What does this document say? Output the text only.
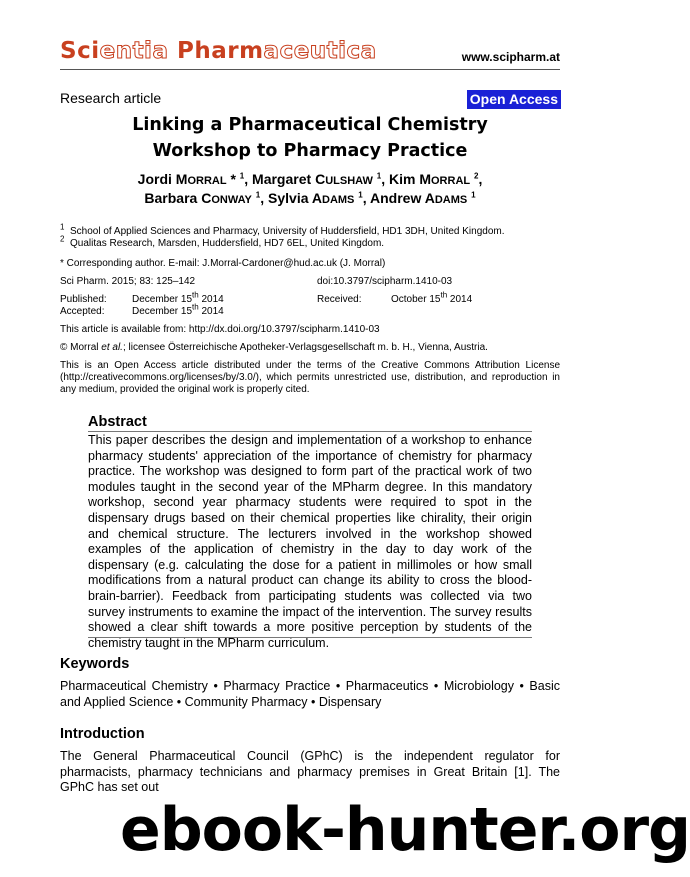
Scientia Pharmaceutica	www.scipharm.at
Research article	Open Access
Linking a Pharmaceutical Chemistry
Workshop to Pharmacy Practice
Jordi MORRAL * $^1$, Margaret CULSHAW $^1$, Kim MORRAL $^2$,
Barbara CONWAY $^1$, Sylvia ADAMS $^1$, Andrew ADAMS $^1$
$^1$ School of Applied Sciences and Pharmacy, University of Huddersfield, HD1 3DH, United Kingdom.
$^2$ Qualitas Research, Marsden, Huddersfield, HD7 6EL, United Kingdom.
* Corresponding author. E-mail: J.Morral-Cardoner@hud.ac.uk (J. Morral)
Sci Pharm. 2015; 83: 125–142	doi:10.3797/scipharm.1410-03
Published:	December 15th 2014	Received:	October 15th 2014
Accepted:	December 15th 2014
This article is available from: http://dx.doi.org/10.3797/scipharm.1410-03
© Morral et al.; licensee Österreichische Apotheker-Verlagsgesellschaft m. b. H., Vienna, Austria.
This is an Open Access article distributed under the terms of the Creative Commons Attribution License (http://creativecommons.org/licenses/by/3.0/), which permits unrestricted use, distribution, and reproduction in any medium, provided the original work is properly cited.
Abstract
This paper describes the design and implementation of a workshop to enhance pharmacy students' appreciation of the importance of chemistry for pharmacy practice. The workshop was designed to form part of the practical work of two modules taught in the second year of the MPharm degree. In this mandatory workshop, second year pharmacy students were required to spot in the dispensary drugs based on their chemical properties like chirality, their origin and chemical structure. The lecturers involved in the workshop showed examples of the application of chemistry in the day to day work of the dispensary (e.g. calculating the dose for a patient in millimoles or how small modifications from a natural product can change its ability to cross the blood-brain-barrier). Feedback from participating students was collected via two survey instruments to examine the impact of the intervention. The survey results showed a clear shift towards a more positive perception by students of the chemistry taught in the MPharm curriculum.
Keywords
Pharmaceutical Chemistry • Pharmacy Practice • Pharmaceutics • Microbiology • Basic and Applied Science • Community Pharmacy • Dispensary
Introduction
The General Pharmaceutical Council (GPhC) is the independent regulator for pharmacists, pharmacy technicians and pharmacy premises in Great Britain [1]. The GPhC has set out
ebook-hunter.org
